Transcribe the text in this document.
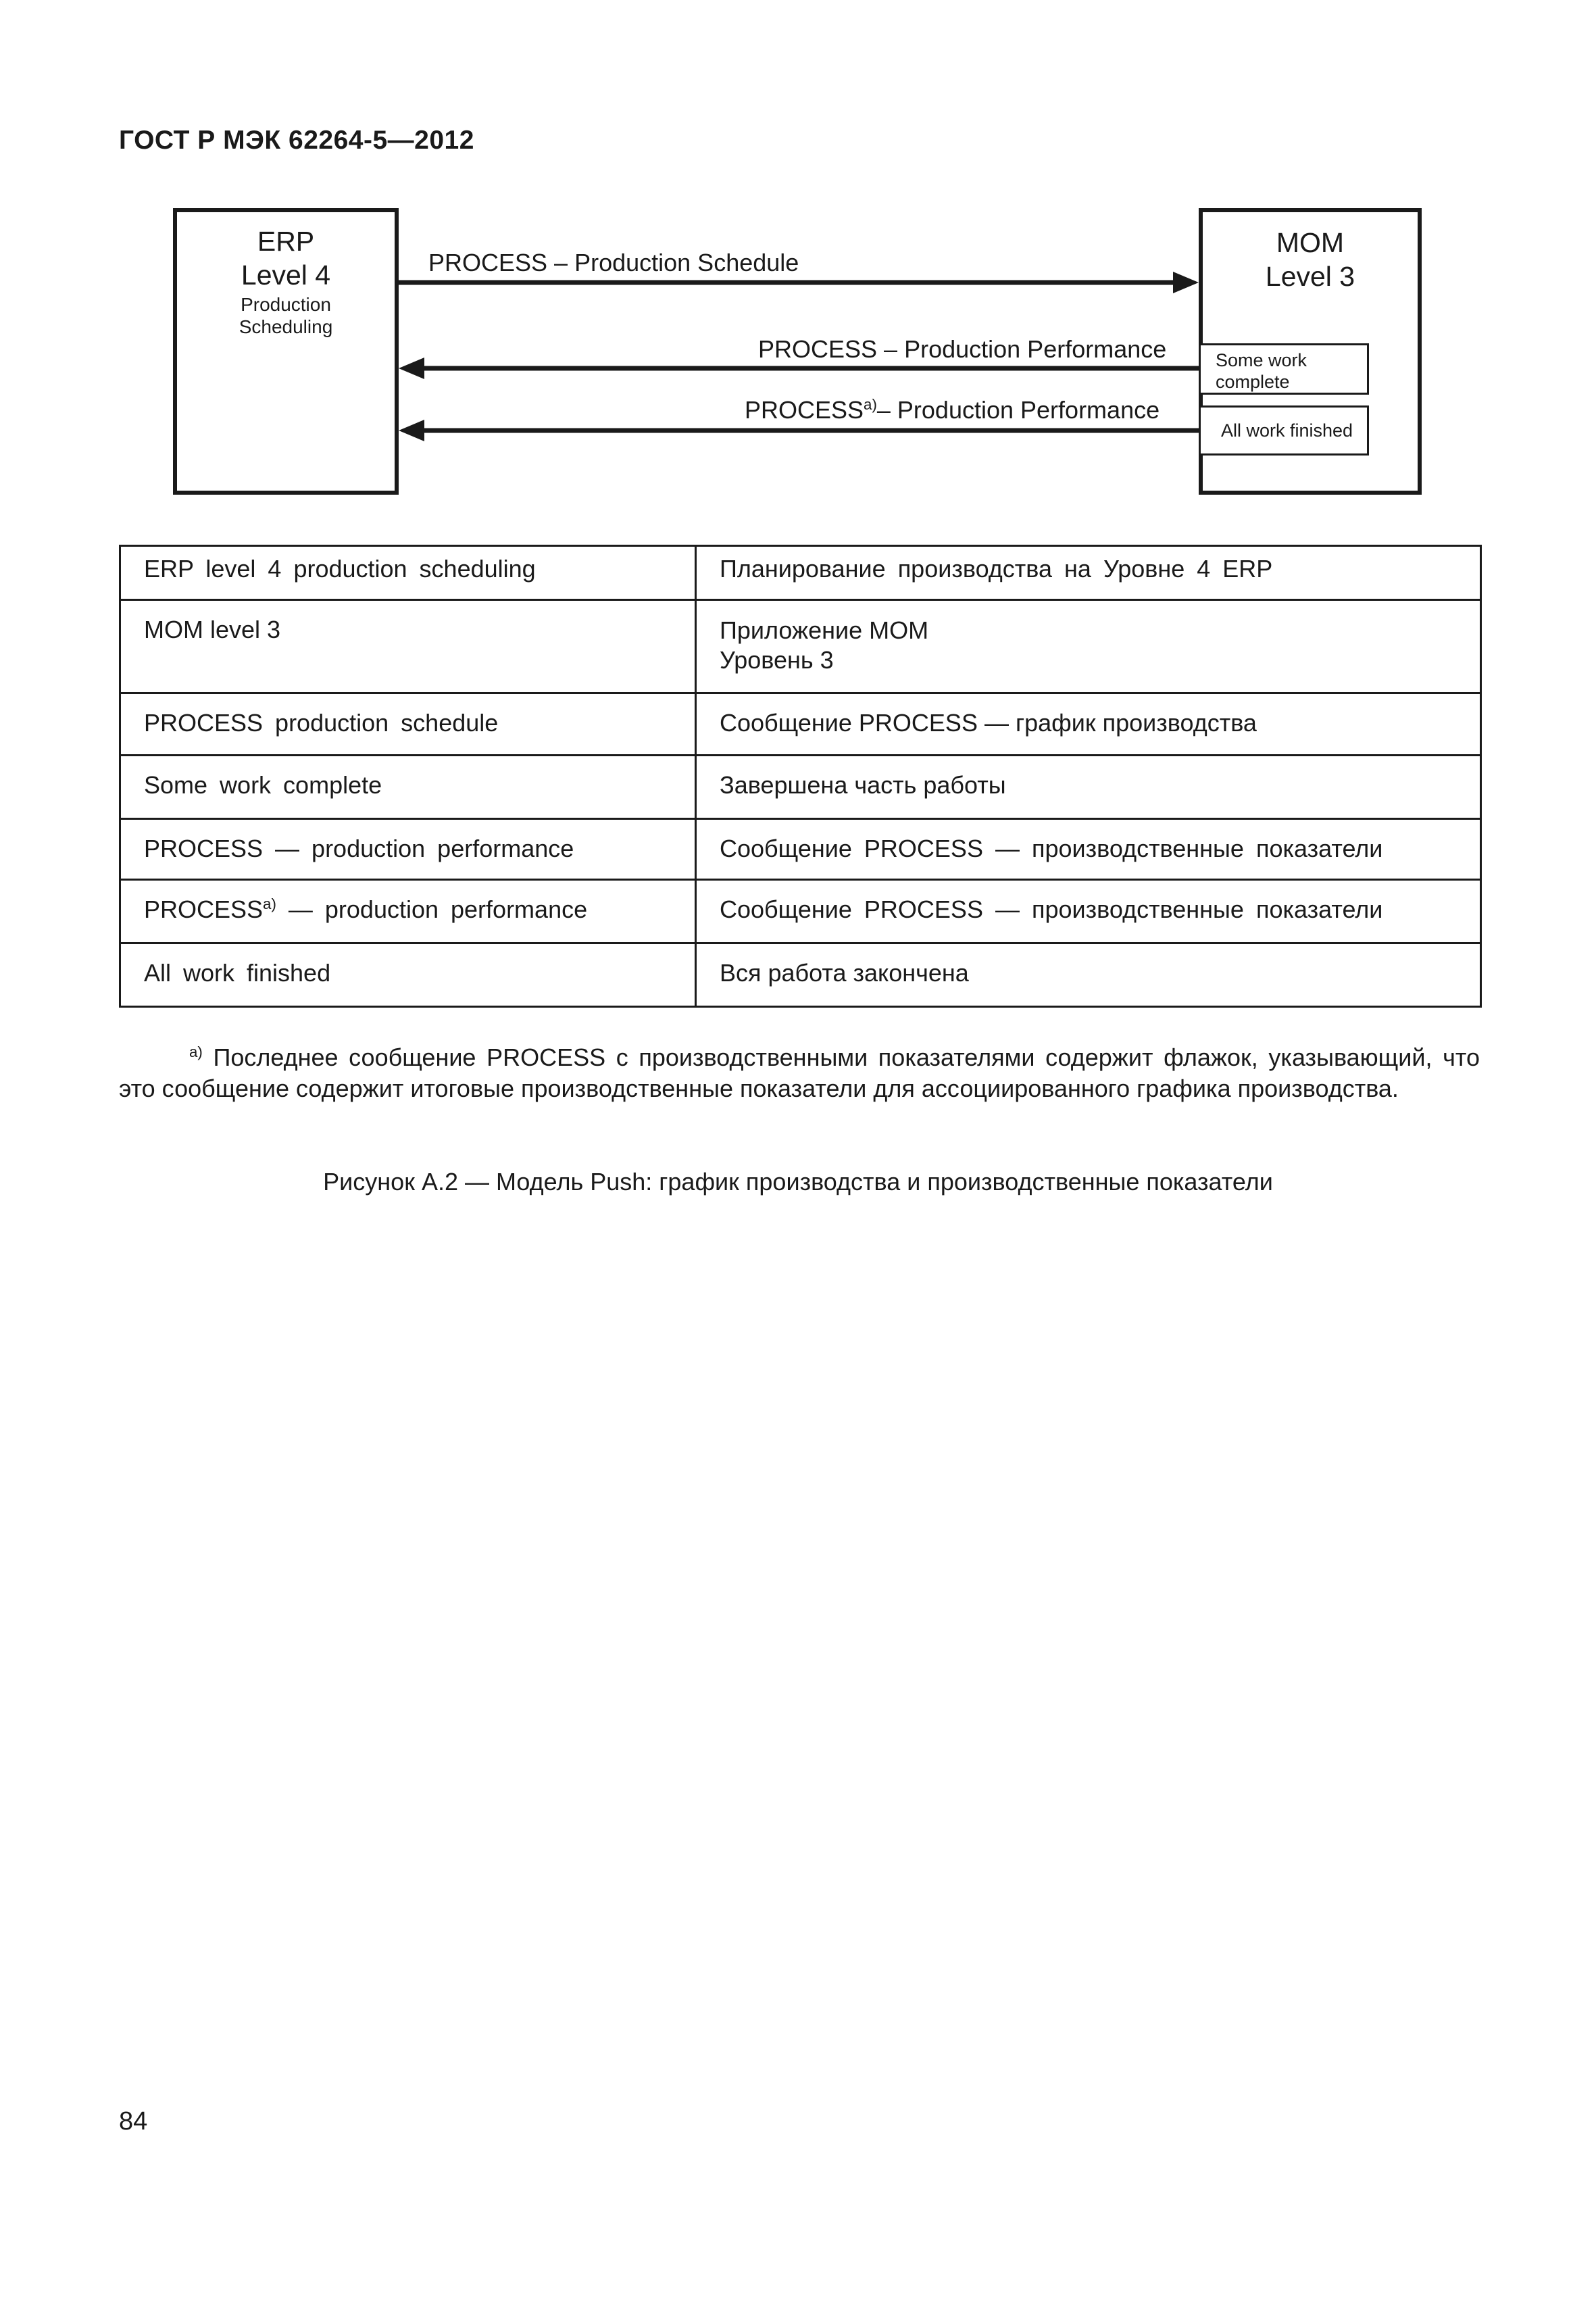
ГОСТ Р МЭК 62264-5—2012
ERP
Level 4
Production
Scheduling
MOM
Level 3
Some work complete
All work finished
PROCESS – Production Schedule
PROCESS – Production Performance
PROCESS$^{a)}$– Production Performance
ERP level 4 production scheduling	Планирование производства на Уровне 4 ERP
MOM level 3	Приложение MOM
Уровень 3

PROCESS production schedule	Сообщение PROCESS — график производства
Some work complete	Завершена часть работы
PROCESS — production performance	Сообщение PROCESS — производственные показатели
PROCESS$^{a)}$ — production performance	Сообщение PROCESS — производственные показатели
All work finished	Вся работа закончена
$^{a)}$ Последнее сообщение PROCESS с производственными показателями содержит флажок, указывающий, что это сообщение содержит итоговые производственные показатели для ассоциированного графика производства.
Рисунок А.2 — Модель Push: график производства и производственные показатели
84
